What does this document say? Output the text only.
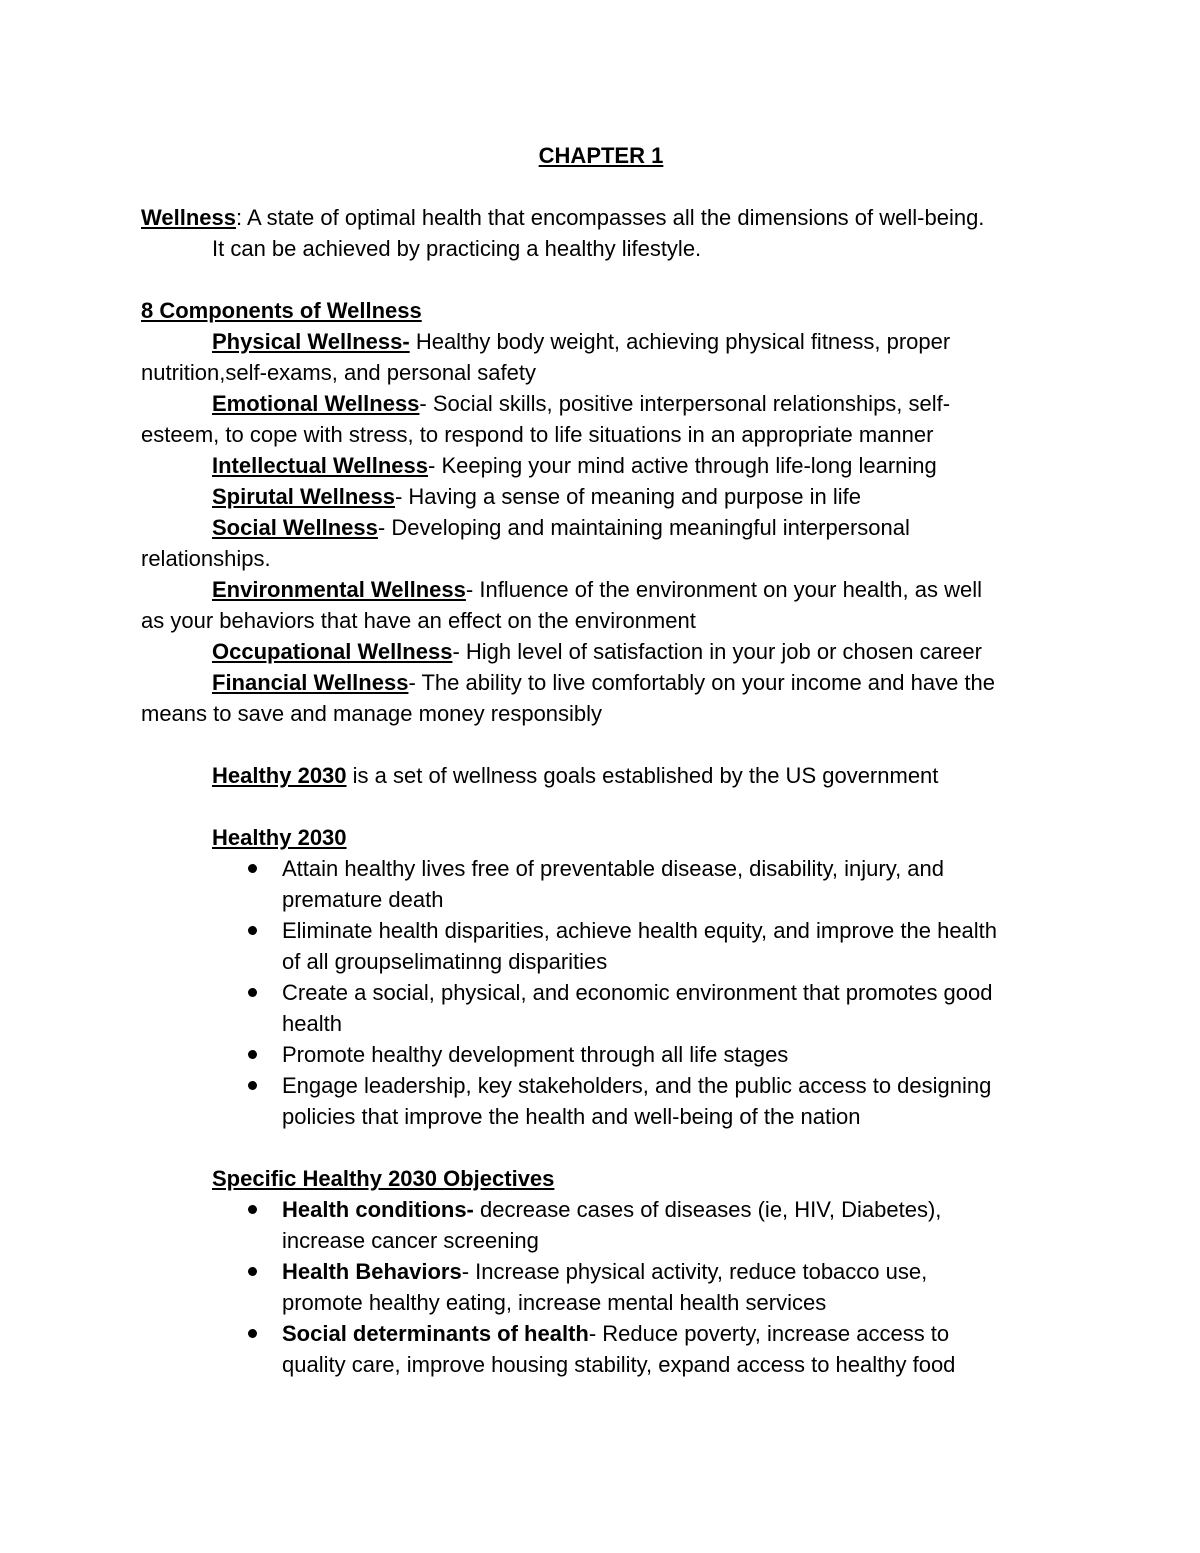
CHAPTER 1

Wellness: A state of optimal health that encompasses all the dimensions of well-being.

It can be achieved by practicing a healthy lifestyle.

8 Components of Wellness

Physical Wellness- Healthy body weight, achieving physical fitness, proper
nutrition,self-exams, and personal safety

Emotional Wellness- Social skills, positive interpersonal relationships, self-
esteem, to cope with stress, to respond to life situations in an appropriate manner

Intellectual Wellness- Keeping your mind active through life-long learning

Spirutal Wellness- Having a sense of meaning and purpose in life

Social Wellness- Developing and maintaining meaningful interpersonal
relationships.

Environmental Wellness- Influence of the environment on your health, as well
as your behaviors that have an effect on the environment

Occupational Wellness- High level of satisfaction in your job or chosen career

Financial Wellness- The ability to live comfortably on your income and have the
means to save and manage money responsibly

Healthy 2030 is a set of wellness goals established by the US government

Healthy 2030

Attain healthy lives free of preventable disease, disability, injury, and
premature death
Eliminate health disparities, achieve health equity, and improve the health
of all groupselimatinng disparities
Create a social, physical, and economic environment that promotes good
health
Promote healthy development through all life stages
Engage leadership, key stakeholders, and the public access to designing
policies that improve the health and well-being of the nation

Specific Healthy 2030 Objectives

Health conditions- decrease cases of diseases (ie, HIV, Diabetes),
increase cancer screening
Health Behaviors- Increase physical activity, reduce tobacco use,
promote healthy eating, increase mental health services
Social determinants of health- Reduce poverty, increase access to
quality care, improve housing stability, expand access to healthy food
